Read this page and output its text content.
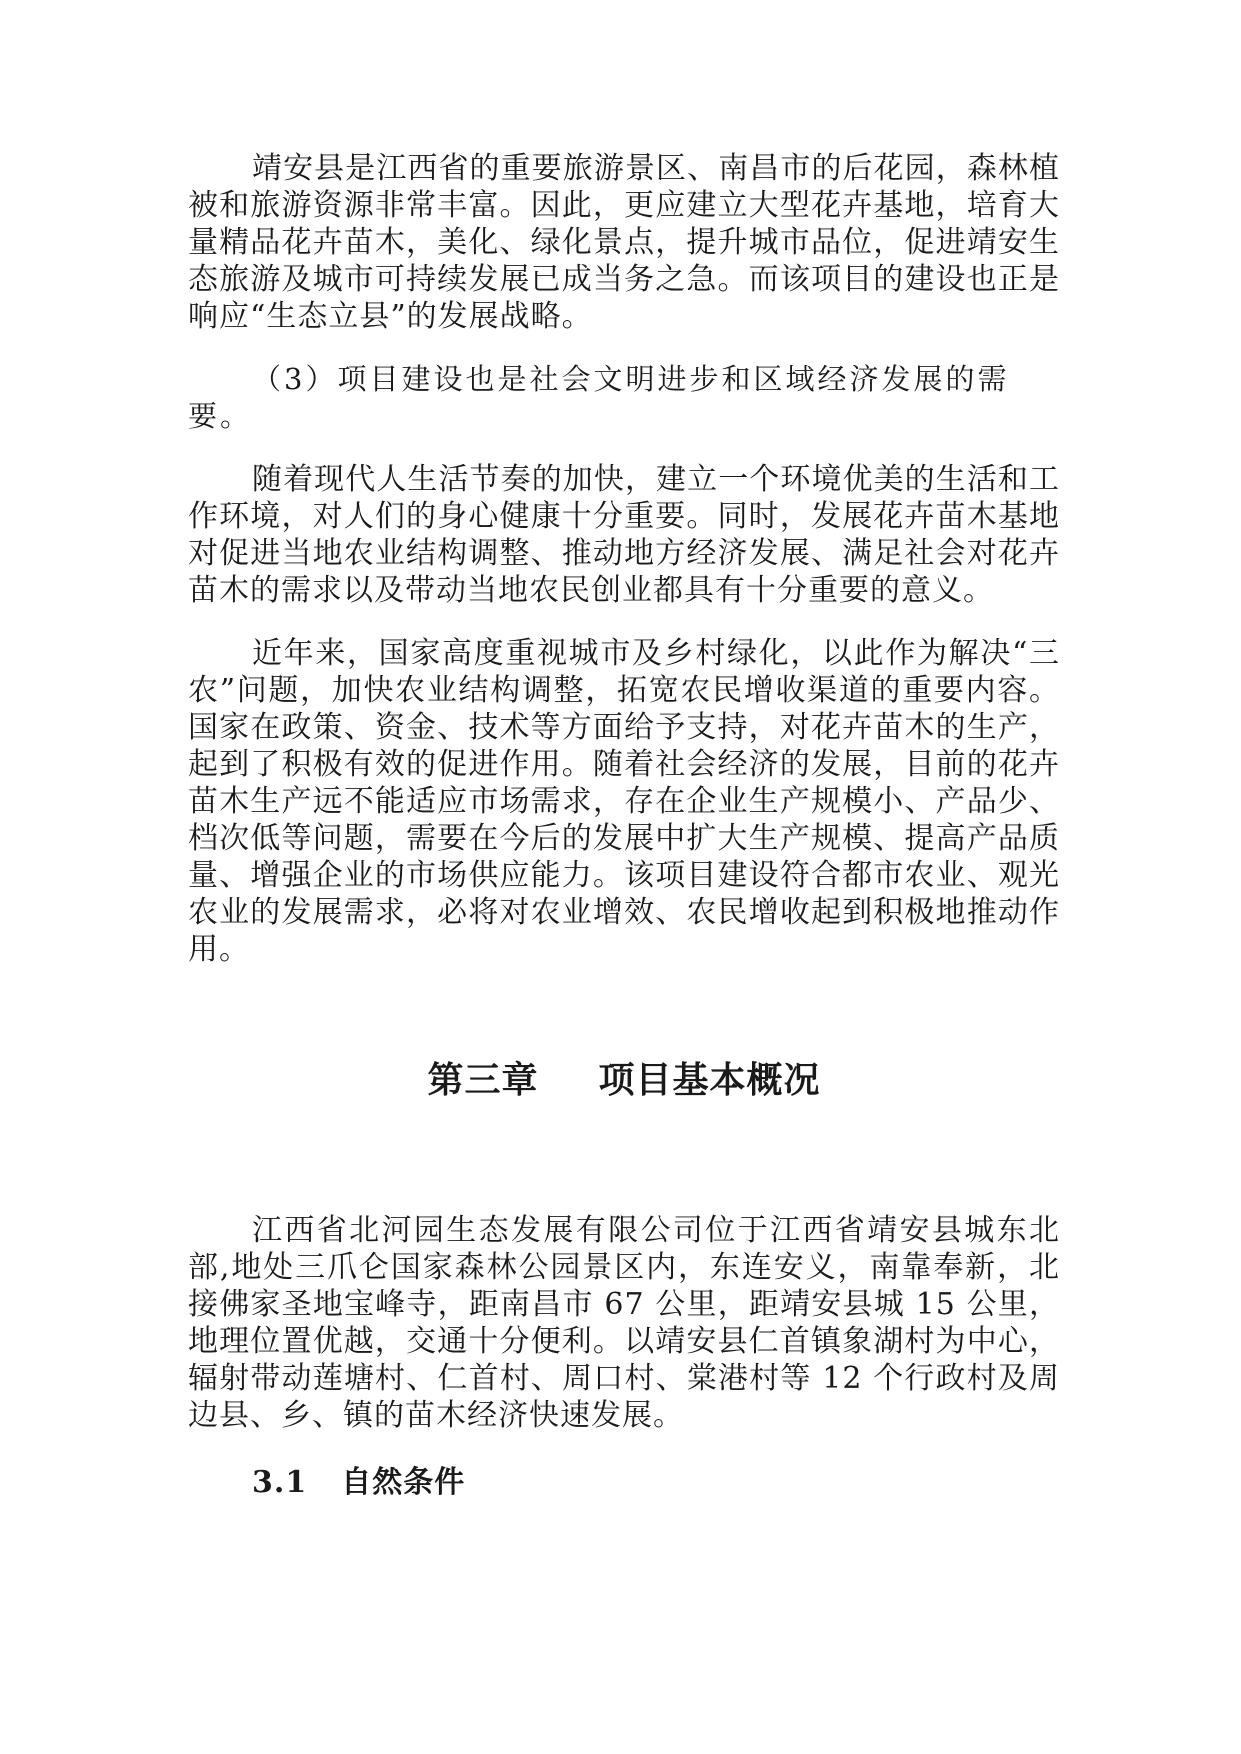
靖安县是江西省的重要旅游景区、南昌市的后花园，森林植被和旅游资源非常丰富。因此，更应建立大型花卉基地，培育大量精品花卉苗木，美化、绿化景点，提升城市品位，促进靖安生态旅游及城市可持续发展已成当务之急。而该项目的建设也正是响应“生态立县”的发展战略。

（3）项目建设也是社会文明进步和区域经济发展的需要。

随着现代人生活节奏的加快，建立一个环境优美的生活和工作环境，对人们的身心健康十分重要。同时，发展花卉苗木基地对促进当地农业结构调整、推动地方经济发展、满足社会对花卉苗木的需求以及带动当地农民创业都具有十分重要的意义。

近年来，国家高度重视城市及乡村绿化，以此作为解决“三农”问题，加快农业结构调整，拓宽农民增收渠道的重要内容。国家在政策、资金、技术等方面给予支持，对花卉苗木的生产，起到了积极有效的促进作用。随着社会经济的发展，目前的花卉苗木生产远不能适应市场需求，存在企业生产规模小、产品少、档次低等问题，需要在今后的发展中扩大生产规模、提高产品质量、增强企业的市场供应能力。该项目建设符合都市农业、观光农业的发展需求，必将对农业增效、农民增收起到积极地推动作用。

第三章 项目基本概况

江西省北河园生态发展有限公司位于江西省靖安县城东北部,地处三爪仑国家森林公园景区内，东连安义，南靠奉新，北接佛家圣地宝峰寺，距南昌市 67 公里，距靖安县城 15 公里，地理位置优越，交通十分便利。以靖安县仁首镇象湖村为中心，辐射带动莲塘村、仁首村、周口村、棠港村等 12 个行政村及周边县、乡、镇的苗木经济快速发展。

3.1 自然条件
